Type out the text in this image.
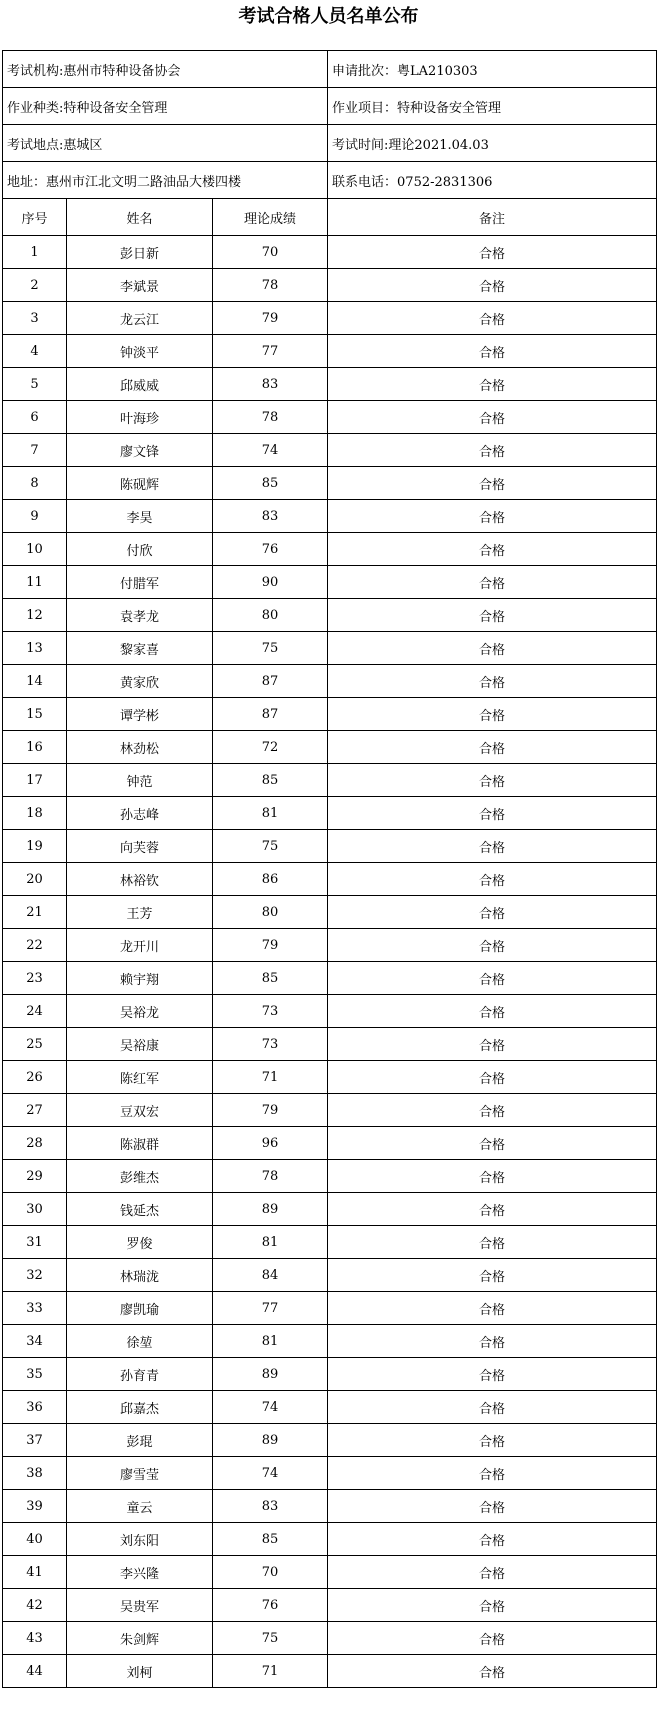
考试合格人员名单公布
考试机构:惠州市特种设备协会			申请批次：粤LA210303
作业种类:特种设备安全管理			作业项目：特种设备安全管理
考试地点:惠城区			考试时间:理论2021.04.03
地址：惠州市江北文明二路油品大楼四楼			联系电话：0752-2831306
序号	姓名	理论成绩	备注
1	彭日新	70	合格
2	李斌景	78	合格
3	龙云江	79	合格
4	钟淡平	77	合格
5	邱威威	83	合格
6	叶海珍	78	合格
7	廖文锋	74	合格
8	陈砚辉	85	合格
9	李昊	83	合格
10	付欣	76	合格
11	付腊军	90	合格
12	袁孝龙	80	合格
13	黎家喜	75	合格
14	黄家欣	87	合格
15	谭学彬	87	合格
16	林劲松	72	合格
17	钟范	85	合格
18	孙志峰	81	合格
19	向芙蓉	75	合格
20	林裕钦	86	合格
21	王芳	80	合格
22	龙开川	79	合格
23	赖宇翔	85	合格
24	吴裕龙	73	合格
25	吴裕康	73	合格
26	陈红军	71	合格
27	豆双宏	79	合格
28	陈淑群	96	合格
29	彭维杰	78	合格
30	钱延杰	89	合格
31	罗俊	81	合格
32	林瑞泷	84	合格
33	廖凯瑜	77	合格
34	徐堃	81	合格
35	孙育青	89	合格
36	邱嘉杰	74	合格
37	彭琨	89	合格
38	廖雪莹	74	合格
39	童云	83	合格
40	刘东阳	85	合格
41	李兴隆	70	合格
42	吴贵军	76	合格
43	朱剑辉	75	合格
44	刘柯	71	合格
